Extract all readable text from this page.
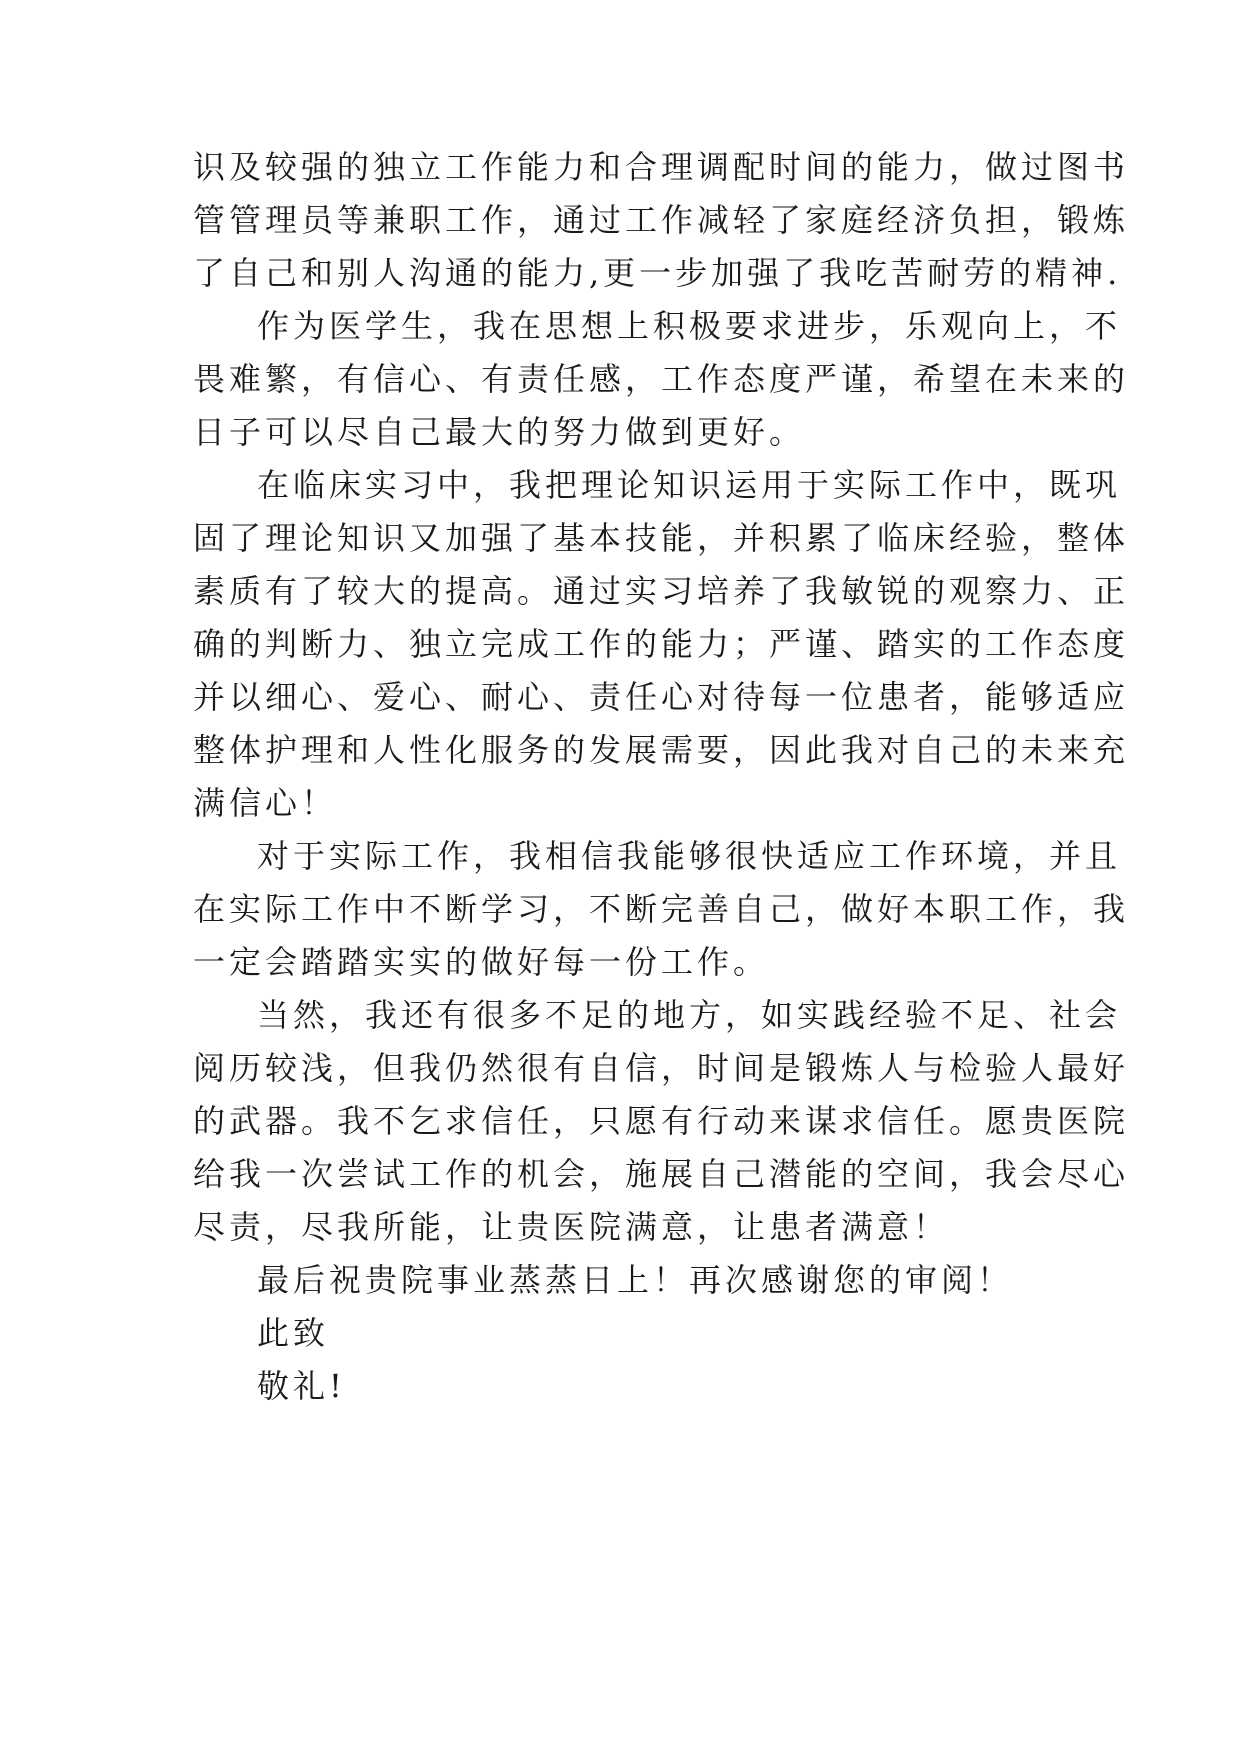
识及较强的独立工作能力和合理调配时间的能力，做过图书
管管理员等兼职工作，通过工作减轻了家庭经济负担，锻炼
了自己和别人沟通的能力,更一步加强了我吃苦耐劳的精神.
作为医学生，我在思想上积极要求进步，乐观向上，不
畏难繁，有信心、有责任感，工作态度严谨，希望在未来的
日子可以尽自己最大的努力做到更好。
在临床实习中，我把理论知识运用于实际工作中，既巩
固了理论知识又加强了基本技能，并积累了临床经验，整体
素质有了较大的提高。通过实习培养了我敏锐的观察力、正
确的判断力、独立完成工作的能力；严谨、踏实的工作态度
并以细心、爱心、耐心、责任心对待每一位患者，能够适应
整体护理和人性化服务的发展需要，因此我对自己的未来充
满信心！
对于实际工作，我相信我能够很快适应工作环境，并且
在实际工作中不断学习，不断完善自己，做好本职工作，我
一定会踏踏实实的做好每一份工作。
当然，我还有很多不足的地方，如实践经验不足、社会
阅历较浅，但我仍然很有自信，时间是锻炼人与检验人最好
的武器。我不乞求信任，只愿有行动来谋求信任。愿贵医院
给我一次尝试工作的机会，施展自己潜能的空间，我会尽心
尽责，尽我所能，让贵医院满意，让患者满意！
最后祝贵院事业蒸蒸日上！再次感谢您的审阅！
此致
敬礼!
